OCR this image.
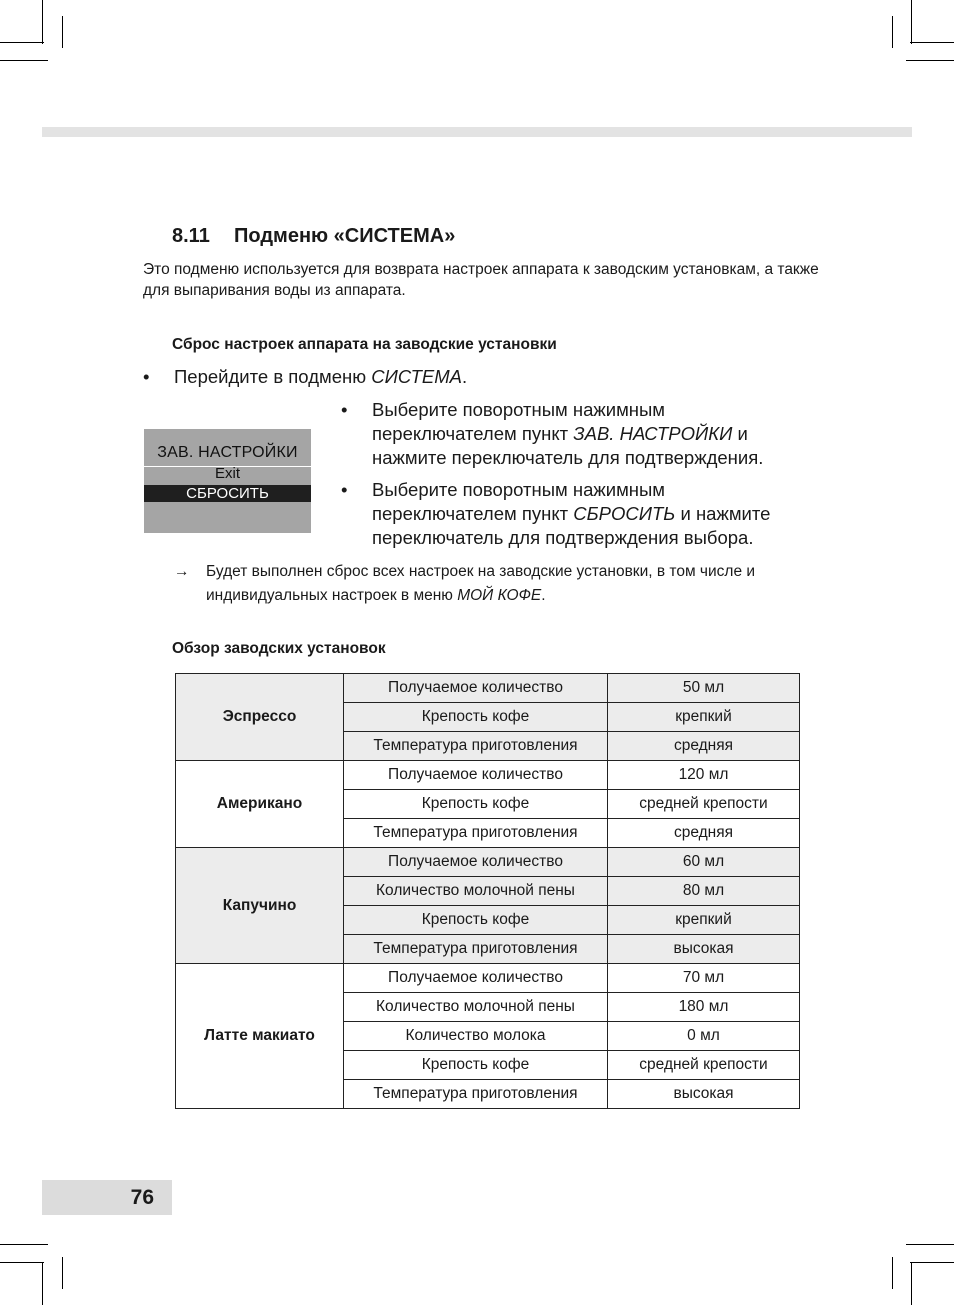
8.11 Подменю «СИСТЕМА»
Это подменю используется для возврата настроек аппарата к заводским установкам, а также для выпаривания воды из аппарата.
Сброс настроек аппарата на заводские установки
•	Перейдите в подменю СИСТЕМА.
ЗАВ. НАСТРОЙКИ
Exit
СБРОСИТЬ
•	Выберите поворотным нажимным переключателем пункт ЗАВ. НАСТРОЙКИ и нажмите переключатель для подтверждения.
•	Выберите поворотным нажимным переключателем пункт СБРОСИТЬ и нажмите переключатель для подтверждения выбора.
→	Будет выполнен сброс всех настроек на заводские установки, в том числе и индивидуальных настроек в меню МОЙ КОФЕ.
Обзор заводских установок
Эспрессо	Получаемое количество	50 мл
	Крепость кофе	крепкий
	Температура приготовления	средняя
Американо	Получаемое количество	120 мл
	Крепость кофе	средней крепости
	Температура приготовления	средняя
Капучино	Получаемое количество	60 мл
	Количество молочной пены	80 мл
	Крепость кофе	крепкий
	Температура приготовления	высокая
Латте макиато	Получаемое количество	70 мл
	Количество молочной пены	180 мл
	Количество молока	0 мл
	Крепость кофе	средней крепости
	Температура приготовления	высокая
76
